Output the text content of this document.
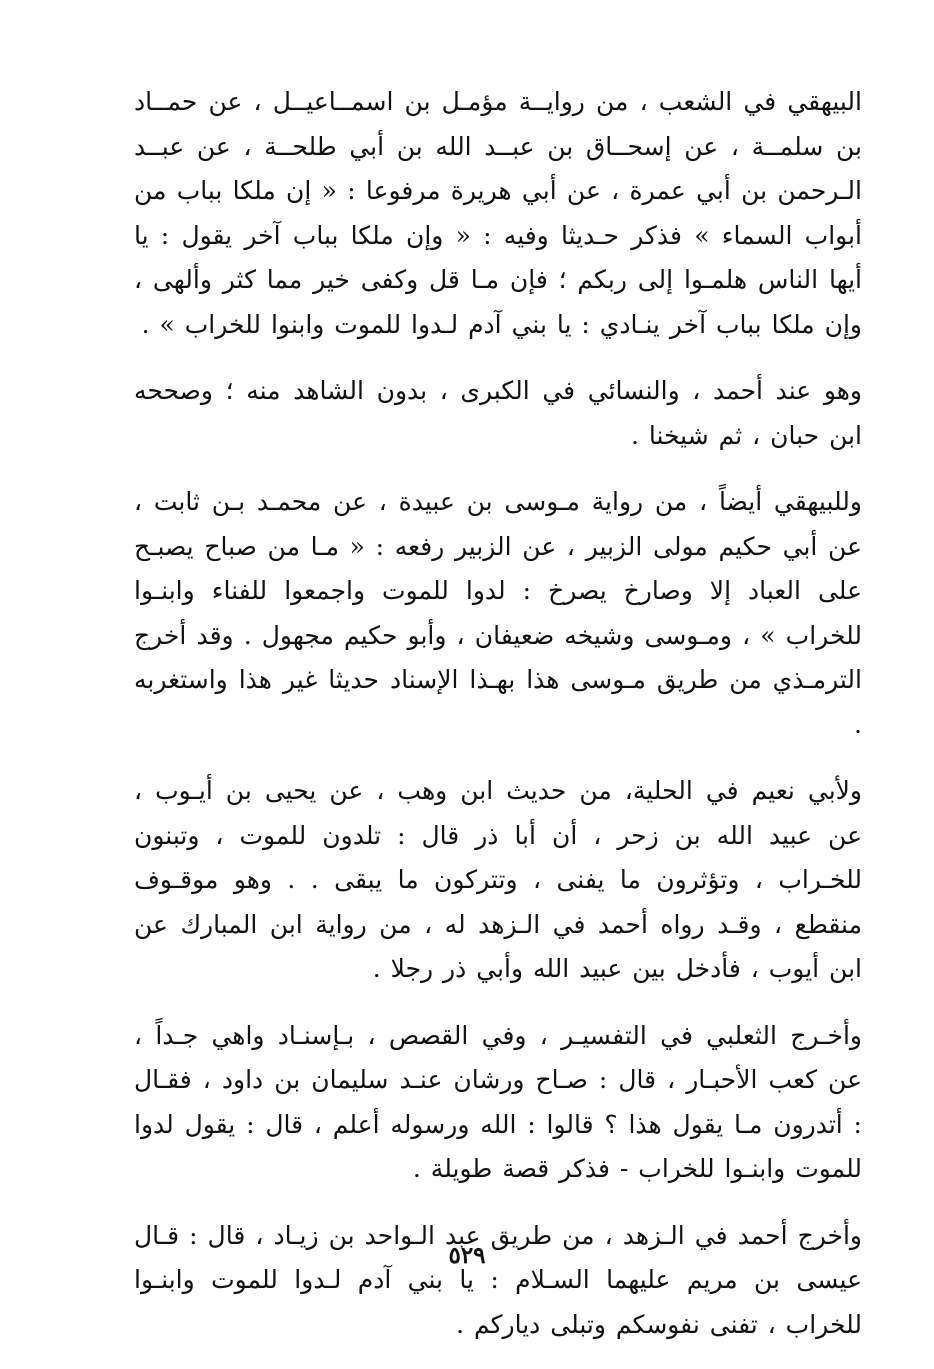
البيهقي في الشعب ، من روايــة مؤمـل بن اسمــاعيــل ، عن حمــاد بن سلمــة ، عن إسحــاق بن عبــد الله بن أبي طلحــة ، عن عبــد الـرحمن بن أبي عمرة ، عن أبي هريرة مرفوعا : « إن ملكا بباب من أبواب السماء » فذكر حـديثا وفيه : « وإن ملكا بباب آخر يقول : يا أيها الناس هلمـوا إلى ربكم ؛ فإن مـا قل وكفى خير مما كثر وألهى ، وإن ملكا بباب آخر ينـادي : يا بني آدم لـدوا للموت وابنوا للخراب » .

وهو عند أحمد ، والنسائي في الكبرى ، بدون الشاهد منه ؛ وصححه ابن حبان ، ثم شيخنا .

وللبيهقي أيضاً ، من رواية مـوسى بن عبيدة ، عن محمـد بـن ثابت ، عن أبي حكيم مولى الزبير ، عن الزبير رفعه : « مـا من صباح يصبـح على العباد إلا وصارخ يصرخ : لدوا للموت واجمعوا للفناء وابنـوا للخراب » ، ومـوسى وشيخه ضعيفان ، وأبو حكيم مجهول . وقد أخرج الترمـذي من طريق مـوسى هذا بهـذا الإسناد حديثا غير هذا واستغربه .

ولأبي نعيم في الحلية، من حديث ابن وهب ، عن يحيى بن أيـوب ، عن عبيد الله بن زحر ، أن أبا ذر قال : تلدون للموت ، وتبنون للخـراب ، وتؤثرون ما يفنى ، وتتركون ما يبقى . . وهو موقـوف منقطع ، وقـد رواه أحمد في الـزهد له ، من رواية ابن المبارك عن ابن أيوب ، فأدخل بين عبيد الله وأبي ذر رجلا .

وأخـرج الثعلبي في التفسيـر ، وفي القصص ، بـإسنـاد واهي جـداً ، عن كعب الأحبـار ، قال : صـاح ورشان عنـد سليمان بن داود ، فقـال : أتدرون مـا يقول هذا ؟ قالوا : الله ورسوله أعلم ، قال : يقول لدوا للموت وابنـوا للخراب - فذكر قصة طويلة .

وأخرج أحمد في الـزهد ، من طريق عبد الـواحد بن زيـاد ، قال : قـال عيسى بن مريم عليهما السـلام : يا بني آدم لـدوا للموت وابنـوا للخراب ، تفنى نفوسكم وتبلى دياركم .

٥٢٩
